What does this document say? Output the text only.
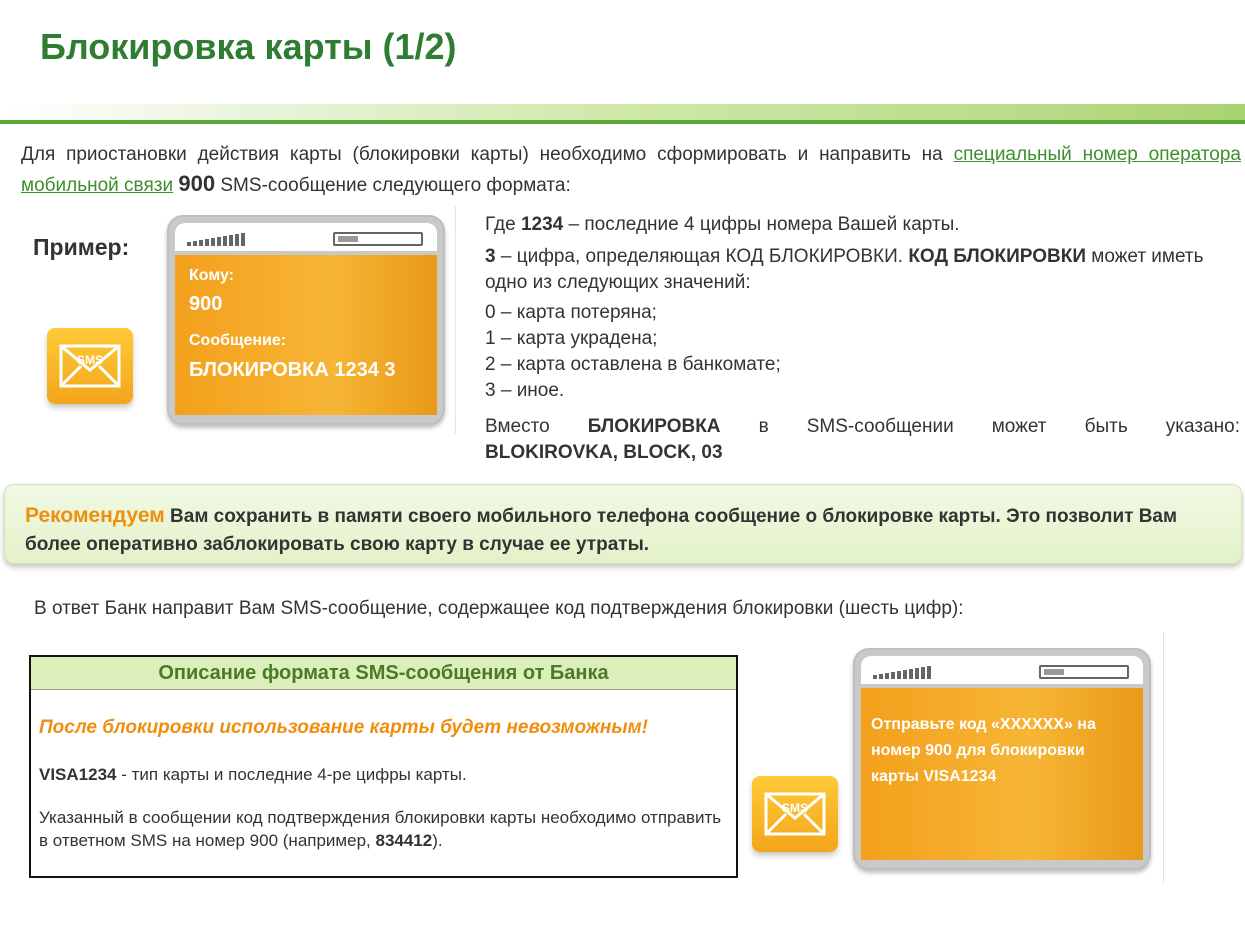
Блокировка карты (1/2)
Для приостановки действия карты (блокировки карты) необходимо сформировать и направить на специальный номер оператора мобильной связи 900 SMS-сообщение следующего формата:
Пример:
SMS
Кому:
900
Сообщение:
БЛОКИРОВКА 1234 3

Где 1234 – последние 4 цифры номера Вашей карты.

3 – цифра, определяющая КОД БЛОКИРОВКИ. КОД БЛОКИРОВКИ может иметь одно из следующих значений:

0 – карта потеряна;

1 – карта украдена;

2 – карта оставлена в банкомате;

3 – иное.

Вместо БЛОКИРОВКА в SMS-сообщении может быть указано:

BLOKIROVKA, BLOCK, 03

Рекомендуем Вам сохранить в памяти своего мобильного телефона сообщение о блокировке карты. Это позволит Вам более оперативно заблокировать свою карту в случае ее утраты.
В ответ Банк направит Вам SMS-сообщение, содержащее код подтверждения блокировки (шесть цифр):
Описание формата SMS-сообщения от Банка
После блокировки использование карты будет невозможным!
VISA1234 - тип карты и последние 4-ре цифры карты.
Указанный в сообщении код подтверждения блокировки карты необходимо отправить в ответном SMS на номер 900 (например, 834412).
SMS
Отправьте код «XXXXXX» на номер 900 для блокировки карты VISA1234
